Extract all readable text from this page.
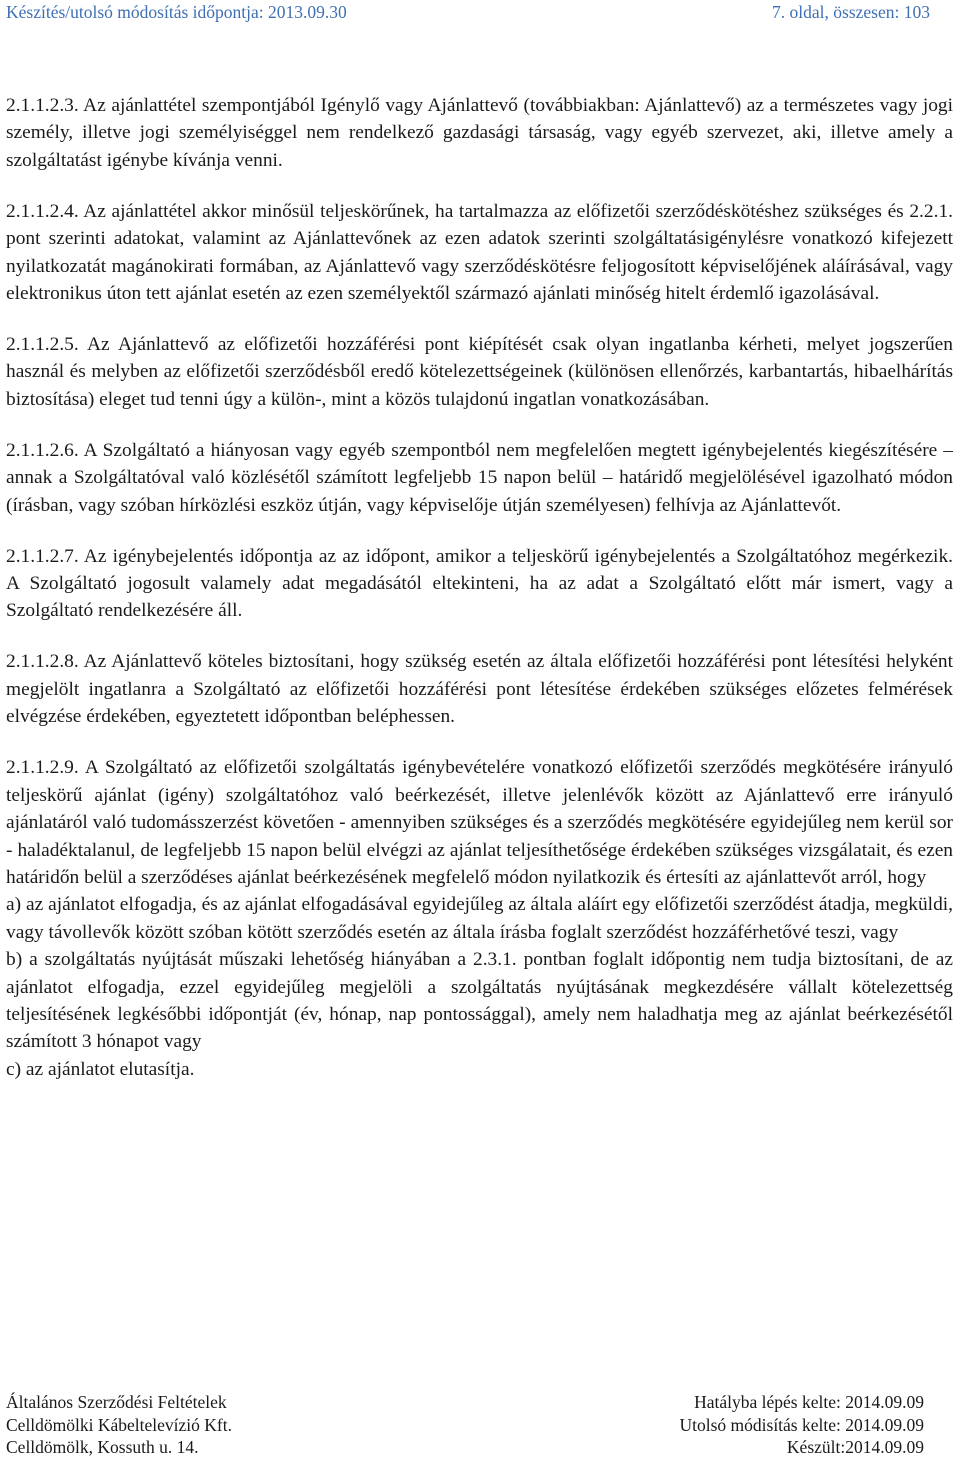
Készítés/utolsó módosítás időpontja: 2013.09.30	7. oldal, összesen: 103

2.1.1.2.3. Az ajánlattétel szempontjából Igénylő vagy Ajánlattevő (továbbiakban: Ajánlattevő) az a természetes vagy jogi személy, illetve jogi személyiséggel nem rendelkező gazdasági társaság, vagy egyéb szervezet, aki, illetve amely a szolgáltatást igénybe kívánja venni.

2.1.1.2.4. Az ajánlattétel akkor minősül teljeskörűnek, ha tartalmazza az előfizetői szerződéskötéshez szükséges és 2.2.1. pont szerinti adatokat, valamint az Ajánlattevőnek az ezen adatok szerinti szolgáltatásigénylésre vonatkozó kifejezett nyilatkozatát magánokirati formában, az Ajánlattevő vagy szerződéskötésre feljogosított képviselőjének aláírásával, vagy elektronikus úton tett ajánlat esetén az ezen személyektől származó ajánlati minőség hitelt érdemlő igazolásával.

2.1.1.2.5. Az Ajánlattevő az előfizetői hozzáférési pont kiépítését csak olyan ingatlanba kérheti, melyet jogszerűen használ és melyben az előfizetői szerződésből eredő kötelezettségeinek (különösen ellenőrzés, karbantartás, hibaelhárítás biztosítása) eleget tud tenni úgy a külön-, mint a közös tulajdonú ingatlan vonatkozásában.

2.1.1.2.6. A Szolgáltató a hiányosan vagy egyéb szempontból nem megfelelően megtett igénybejelentés kiegészítésére – annak a Szolgáltatóval való közlésétől számított legfeljebb 15 napon belül – határidő megjelölésével igazolható módon (írásban, vagy szóban hírközlési eszköz útján, vagy képviselője útján személyesen) felhívja az Ajánlattevőt.

2.1.1.2.7. Az igénybejelentés időpontja az az időpont, amikor a teljeskörű igénybejelentés a Szolgáltatóhoz megérkezik. A Szolgáltató jogosult valamely adat megadásától eltekinteni, ha az adat a Szolgáltató előtt már ismert, vagy a Szolgáltató rendelkezésére áll.

2.1.1.2.8. Az Ajánlattevő köteles biztosítani, hogy szükség esetén az általa előfizetői hozzáférési pont létesítési helyként megjelölt ingatlanra a Szolgáltató az előfizetői hozzáférési pont létesítése érdekében szükséges előzetes felmérések elvégzése érdekében, egyeztetett időpontban beléphessen.

2.1.1.2.9. A Szolgáltató az előfizetői szolgáltatás igénybevételére vonatkozó előfizetői szerződés megkötésére irányuló teljeskörű ajánlat (igény) szolgáltatóhoz való beérkezését, illetve jelenlévők között az Ajánlattevő erre irányuló ajánlatáról való tudomásszerzést követően - amennyiben szükséges és a szerződés megkötésére egyidejűleg nem kerül sor - haladéktalanul, de legfeljebb 15 napon belül elvégzi az ajánlat teljesíthetősége érdekében szükséges vizsgálatait, és ezen határidőn belül a szerződéses ajánlat beérkezésének megfelelő módon nyilatkozik és értesíti az ajánlattevőt arról, hogy

a) az ajánlatot elfogadja, és az ajánlat elfogadásával egyidejűleg az általa aláírt egy előfizetői szerződést átadja, megküldi, vagy távollevők között szóban kötött szerződés esetén az általa írásba foglalt szerződést hozzáférhetővé teszi, vagy

b) a szolgáltatás nyújtását műszaki lehetőség hiányában a 2.3.1. pontban foglalt időpontig nem tudja biztosítani, de az ajánlatot elfogadja, ezzel egyidejűleg megjelöli a szolgáltatás nyújtásának megkezdésére vállalt kötelezettség teljesítésének legkésőbbi időpontját (év, hónap, nap pontossággal), amely nem haladhatja meg az ajánlat beérkezésétől számított 3 hónapot vagy

c) az ajánlatot elutasítja.

Általános Szerződési Feltételek	Hatályba lépés kelte: 2014.09.09
Celldömölki Kábeltelevízió Kft.	Utolsó módisítás kelte: 2014.09.09
Celldömölk, Kossuth u. 14.	Készült:2014.09.09
